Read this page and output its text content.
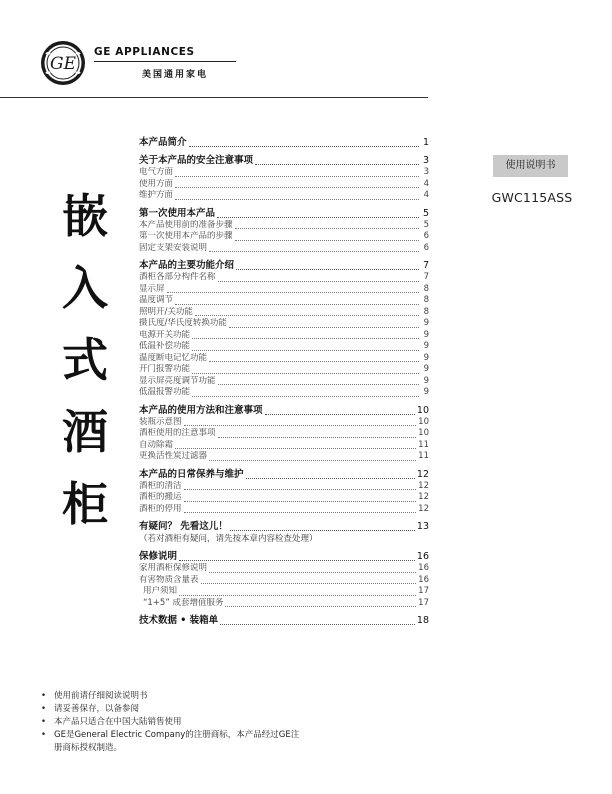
GE
GE APPLIANCES
美国通用家电
嵌
入
式
酒
柜
使用说明书
GWC115ASS
本产品简介	1
关于本产品的安全注意事项	3
电气方面	3
使用方面	4
维护方面	4
第一次使用本产品	5
本产品使用前的准备步骤	5
第一次使用本产品的步骤	6
固定支架安装说明	6
本产品的主要功能介绍	7
酒柜各部分构件名称	7
显示屏	8
温度调节	8
照明开/关功能	8
摄氏度/华氏度转换功能	9
电源开关功能	9
低温补偿功能	9
温度断电记忆功能	9
开门报警功能	9
显示屏亮度调节功能	9
低温报警功能	9
本产品的使用方法和注意事项	10
装瓶示意图	10
酒柜使用的注意事项	10
自动除霜	11
更换活性炭过滤器	11
本产品的日常保养与维护	12
酒柜的清洁	12
酒柜的搬运	12
酒柜的停用	12
有疑问？ 先看这儿！	13
（若对酒柜有疑问，请先按本章内容检查处理）
保修说明	16
家用酒柜保修说明	16
有害物质含量表	16
用户须知	17
“1+5” 成套增值服务	17
技术数据 • 装箱单	18
• 使用前请仔细阅读说明书
• 请妥善保存，以备参阅
• 本产品只适合在中国大陆销售使用
• GE是General Electric Company的注册商标，本产品经过GE注册商标授权制造。
